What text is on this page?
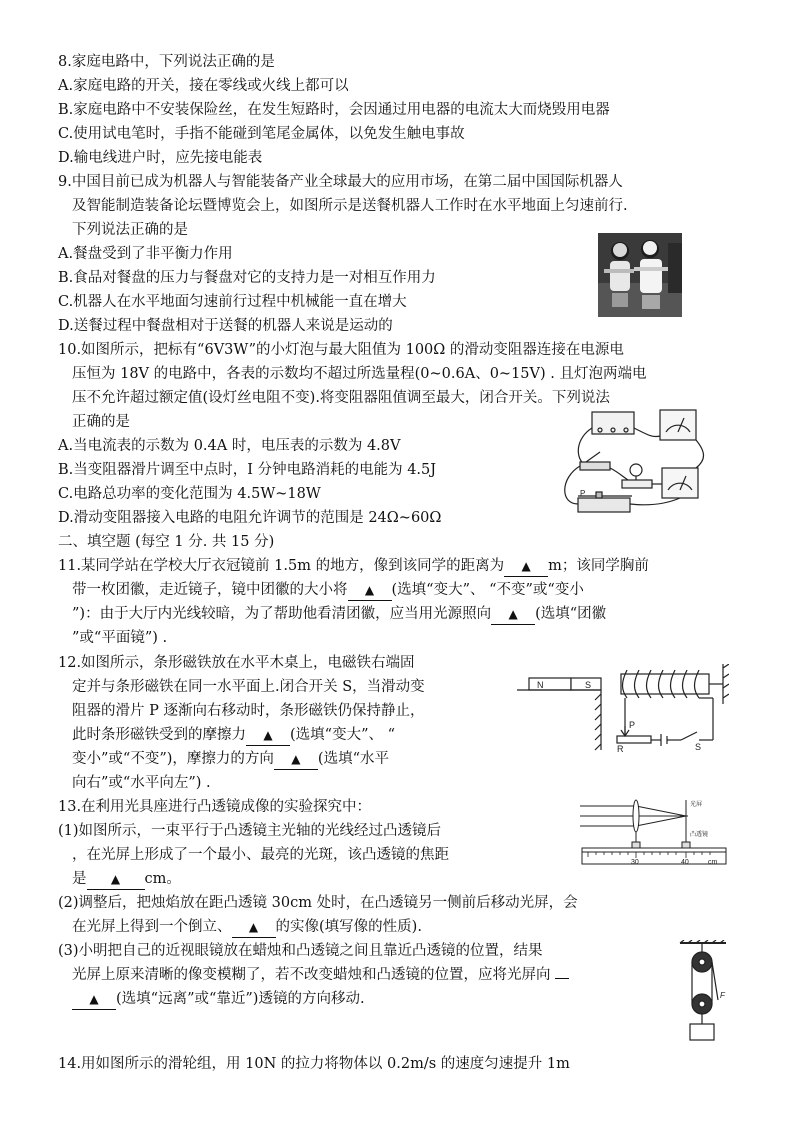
8.家庭电路中，下列说法正确的是
A.家庭电路的开关，接在零线或火线上都可以
B.家庭电路中不安装保险丝，在发生短路时，会因通过用电器的电流太大而烧毁用电器
C.使用试电笔时，手指不能碰到笔尾金属体，以免发生触电事故
D.输电线进户时，应先接电能表
9.中国目前已成为机器人与智能装备产业全球最大的应用市场，在第二届中国国际机器人
及智能制造装备论坛暨博览会上，如图所示是送餐机器人工作时在水平地面上匀速前行.
下列说法正确的是
A.餐盘受到了非平衡力作用
B.食品对餐盘的压力与餐盘对它的支持力是一对相互作用力
C.机器人在水平地面匀速前行过程中机械能一直在增大
D.送餐过程中餐盘相对于送餐的机器人来说是运动的
10.如图所示，把标有“6V3W”的小灯泡与最大阻值为 100Ω 的滑动变阻器连接在电源电
压恒为 18V 的电路中，各表的示数均不超过所选量程(0~0.6A、0~15V) . 且灯泡两端电
压不允许超过额定值(设灯丝电阻不变).将变阻器阻值调至最大，闭合开关。下列说法
正确的是
A.当电流表的示数为 0.4A 时，电压表的示数为 4.8V
B.当变阻器滑片调至中点时，I 分钟电路消耗的电能为 4.5J
C.电路总功率的变化范围为 4.5W~18W
D.滑动变阻器接入电路的电阻允许调节的范围是 24Ω~60Ω
P
二、填空题 (每空 1 分. 共 15 分)
11.某同学站在学校大厅衣冠镜前 1.5m 的地方，像到该同学的距离为 ▲ m；该同学胸前
带一枚团徽，走近镜子，镜中团徽的大小将 ▲ (选填“变大”、 “不变”或“变小
”)：由于大厅内光线较暗，为了帮助他看清团徽，应当用光源照向 ▲ (选填“团徽
”或“平面镜”) .
12.如图所示，条形磁铁放在水平木桌上，电磁铁右端固
定并与条形磁铁在同一水平面上.闭合开关 S，当滑动变
阻器的滑片 P 逐渐向右移动时，条形磁铁仍保持静止，
此时条形磁铁受到的摩擦力 ▲ (选填“变大”、 “
变小”或“不变”)，摩擦力的方向 ▲ (选填“水平
向右”或“水平向左”) .
N	S
P
R	S
13.在利用光具座进行凸透镜成像的实验探究中：
(1)如图所示，一束平行于凸透镜主光轴的光线经过凸透镜后
，在光屏上形成了一个最小、最亮的光斑，该凸透镜的焦距
是 ▲ cm。
(2)调整后，把烛焰放在距凸透镜 30cm 处时，在凸透镜另一侧前后移动光屏，会
在光屏上得到一个倒立、 ▲ 的实像(填写像的性质).
(3)小明把自己的近视眼镜放在蜡烛和凸透镜之间且靠近凸透镜的位置，结果
光屏上原来清晰的像变模糊了，若不改变蜡烛和凸透镜的位置，应将光屏向
▲ (选填“远离”或“靠近”)透镜的方向移动.
光屏
凸透镜
30	40	cm
F
14.用如图所示的滑轮组，用 10N 的拉力将物体以 0.2m/s 的速度匀速提升 1m
